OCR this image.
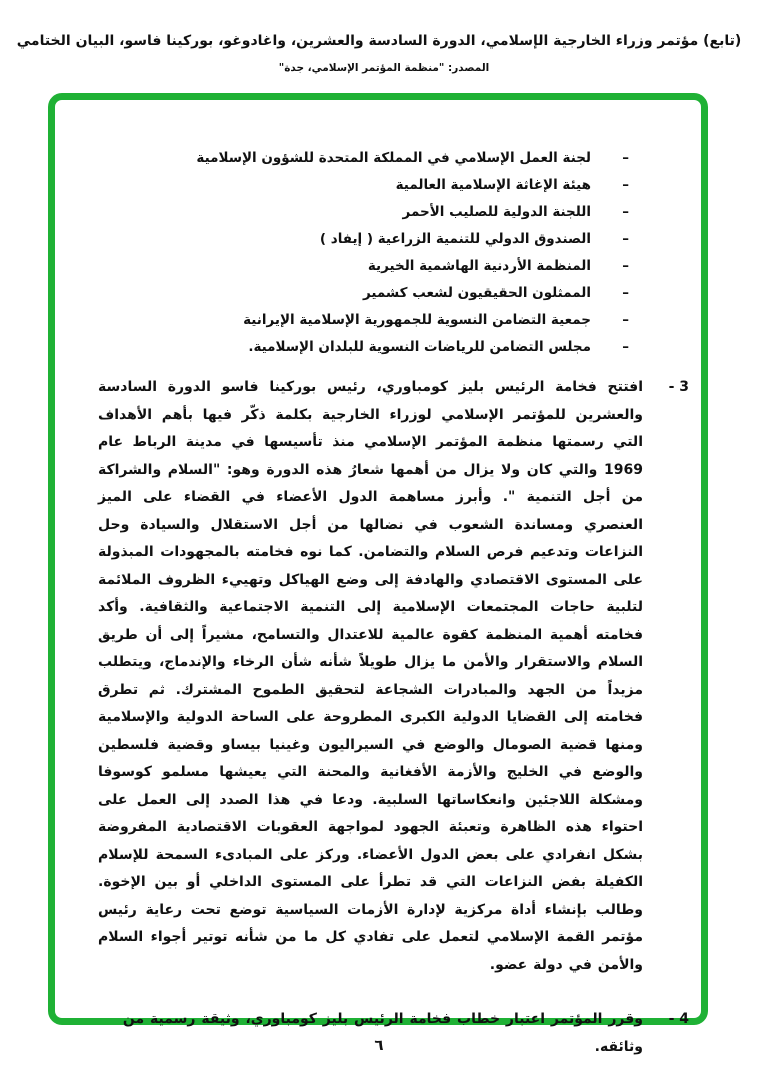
(تابع) مؤتمر وزراء الخارجية الإسلامي، الدورة السادسة والعشرين، واغادوغو، بوركينا فاسو، البيان الختامي
المصدر: "منظمة المؤتمر الإسلامي، جدة"
–
لجنة العمل الإسلامي في المملكة المتحدة للشؤون الإسلامية
–
هيئة الإغاثة الإسلامية العالمية
–
اللجنة الدولية للصليب الأحمر
–
الصندوق الدولي للتنمية الزراعية ( إيفاد )
–
المنظمة الأردنية الهاشمية الخيرية
–
الممثلون الحقيقيون لشعب كشمير
–
جمعية التضامن النسوية للجمهورية الإسلامية الإيرانية
–
مجلس التضامن للرياضات النسوية للبلدان الإسلامية.
3 -
افتتح فخامة الرئيس بليز كومباوري، رئيس بوركينا فاسو الدورة السادسة والعشرين للمؤتمر الإسلامي لوزراء الخارجية بكلمة ذكّر فيها بأهم الأهداف التي رسمتها منظمة المؤتمر الإسلامي منذ تأسيسها في مدينة الرباط عام 1969 والتي كان ولا يزال من أهمها شعارُ هذه الدورة وهو: "السلام والشراكة من أجل التنمية ". وأبرز مساهمة الدول الأعضاء في القضاء على الميز العنصري ومساندة الشعوب في نضالها من أجل الاستقلال والسيادة وحل النزاعات وتدعيم فرص السلام والتضامن. كما نوه فخامته بالمجهودات المبذولة على المستوى الاقتصادي والهادفة إلى وضع الهياكل وتهييء الظروف الملائمة لتلبية حاجات المجتمعات الإسلامية إلى التنمية الاجتماعية والثقافية. وأكد فخامته أهمية المنظمة كقوة عالمية للاعتدال والتسامح، مشيراً إلى أن طريق السلام والاستقرار والأمن ما يزال طويلاً شأنه شأن الرخاء والإندماج، ويتطلب مزيداً من الجهد والمبادرات الشجاعة لتحقيق الطموح المشترك. ثم تطرق فخامته إلى القضايا الدولية الكبرى المطروحة على الساحة الدولية والإسلامية ومنها قضية الصومال والوضع في السيراليون وغينيا بيساو وقضية فلسطين والوضع في الخليج والأزمة الأفغانية والمحنة التي يعيشها مسلمو كوسوفا ومشكلة اللاجئين وانعكاساتها السلبية. ودعا في هذا الصدد إلى العمل على احتواء هذه الظاهرة وتعبئة الجهود لمواجهة العقوبات الاقتصادية المفروضة بشكل انفرادي على بعض الدول الأعضاء. وركز على المبادىء السمحة للإسلام الكفيلة بفض النزاعات التي قد تطرأ على المستوى الداخلي أو بين الإخوة. وطالب بإنشاء أداة مركزية لإدارة الأزمات السياسية توضع تحت رعاية رئيس مؤتمر القمة الإسلامي لتعمل على تفادي كل ما من شأنه توتير أجواء السلام والأمن في دولة عضو.
4 -
وقرر المؤتمر اعتبار خطاب فخامة الرئيس بليز كومباوري، وثيقة رسمية من وثائقه.
٦
